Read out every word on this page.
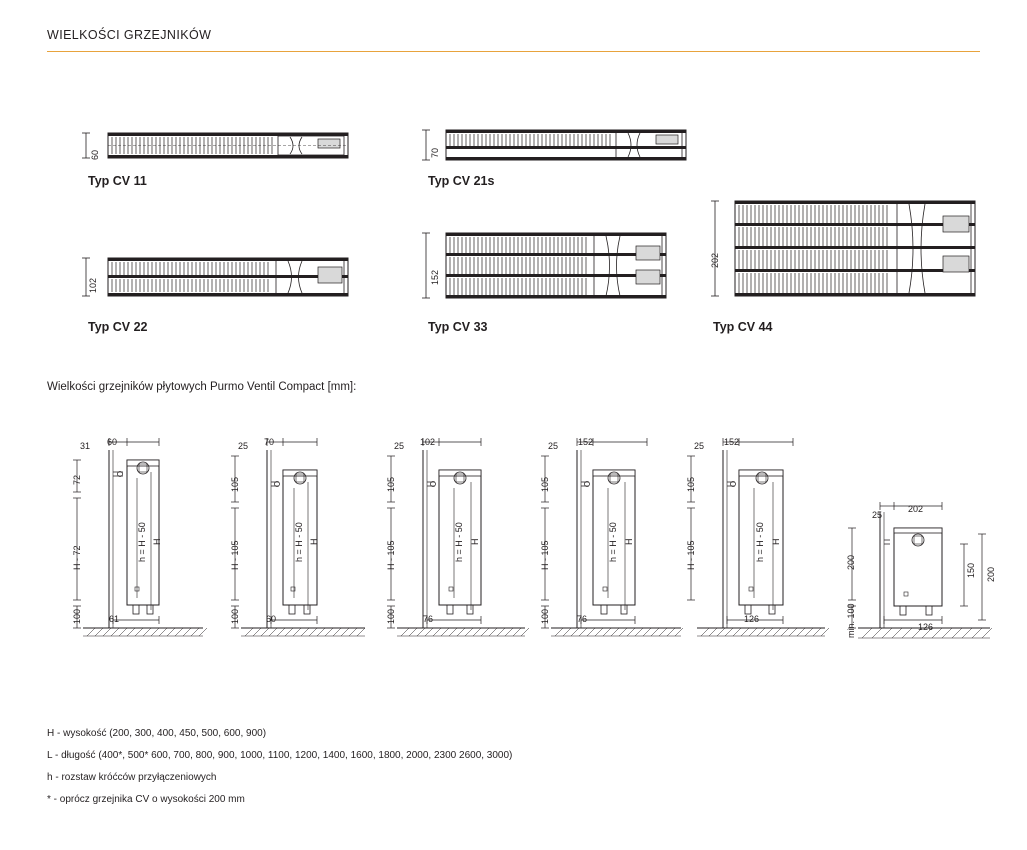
WIELKOŚCI GRZEJNIKÓW
60
Typ CV 11
70
Typ CV 21s
102
Typ CV 22
152
Typ CV 33
202
Typ CV 44
Wielkości grzejników płytowych Purmo Ventil Compact [mm]:
31 60
72
H - 72
100
h = H - 50 H
61
25 70
105
H - 105
100
h = H - 50 H
60
25 102
105
H - 105
100
h = H - 50 H
76
25 152
105
H - 105
100
h = H - 50 H
76
25 152
105
H - 105	h = H - 50 H
126
25
202
200
min. 100
150 200
126
H - wysokość (200, 300, 400, 450, 500, 600, 900)
L - długość (400*, 500* 600, 700, 800, 900, 1000, 1100, 1200, 1400, 1600, 1800, 2000, 2300 2600, 3000)
h - rozstaw króćców przyłączeniowych
* - oprócz grzejnika CV o wysokości 200 mm
